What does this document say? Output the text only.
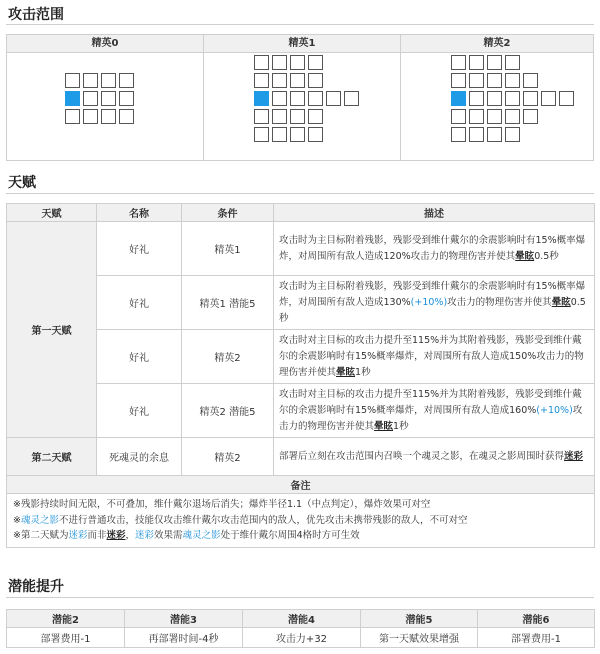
攻击范围
精英0	精英1	精英2
天赋
天赋	名称	条件	描述
第一天赋	好礼	精英1	攻击时为主目标附着残影，残影受到维什戴尔的余震影响时有15%概率爆炸，对周围所有敌人造成120%攻击力的物理伤害并使其晕眩0.5秒
	好礼	精英1 潜能5	攻击时为主目标附着残影，残影受到维什戴尔的余震影响时有15%概率爆炸，对周围所有敌人造成130%(+10%)攻击力的物理伤害并使其晕眩0.5秒
	好礼	精英2	攻击时对主目标的攻击力提升至115%并为其附着残影，残影受到维什戴尔的余震影响时有15%概率爆炸，对周围所有敌人造成150%攻击力的物理伤害并使其晕眩1秒
	好礼	精英2 潜能5	攻击时对主目标的攻击力提升至115%并为其附着残影，残影受到维什戴尔的余震影响时有15%概率爆炸，对周围所有敌人造成160%(+10%)攻击力的物理伤害并使其晕眩1秒
第二天赋	死魂灵的余息	精英2	部署后立刻在攻击范围内召唤一个魂灵之影，在魂灵之影周围时获得迷彩
备注			

※残影持续时间无限，不可叠加，维什戴尔退场后消失；爆炸半径1.1（中点判定），爆炸效果可对空
※魂灵之影不进行普通攻击，技能仅攻击维什戴尔攻击范围内的敌人，优先攻击未携带残影的敌人，不可对空
※第二天赋为迷彩而非迷彩，迷彩效果需魂灵之影处于维什戴尔周围4格时方可生效			
潜能提升
潜能2	潜能3	潜能4	潜能5	潜能6
部署费用-1	再部署时间-4秒	攻击力+32	第一天赋效果增强	部署费用-1
